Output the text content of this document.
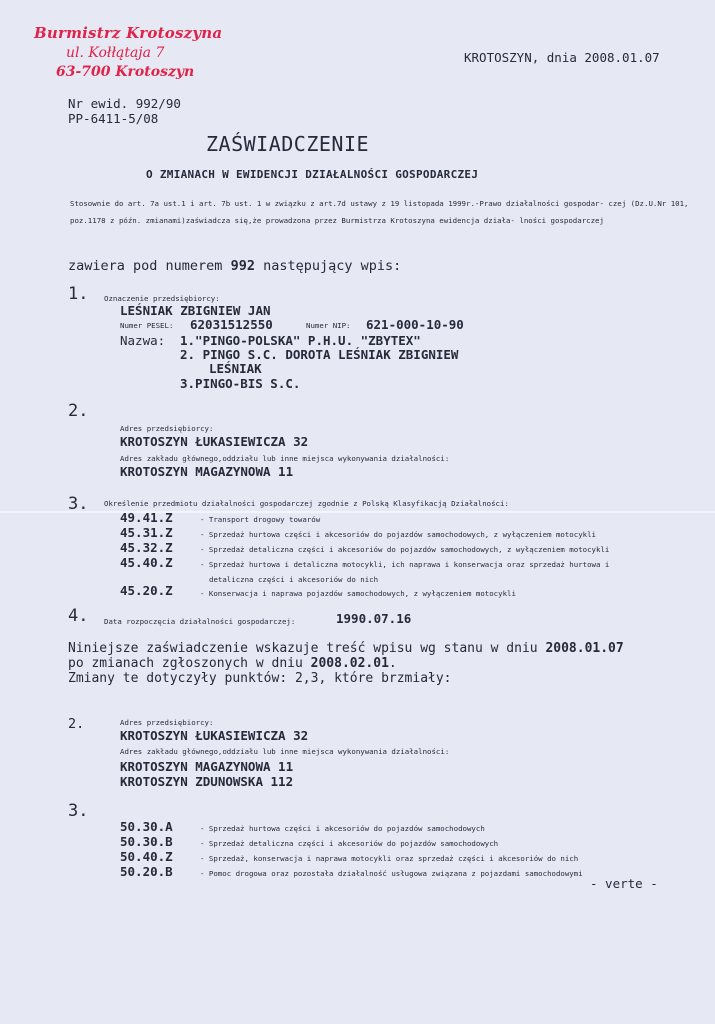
Burmistrz Krotoszyna
ul. Kołłątaja 7
63-700 Krotoszyn
KROTOSZYN, dnia 2008.01.07
Nr ewid. 992/90
PP-6411-5/08
ZAŚWIADCZENIE
O ZMIANACH W EWIDENCJI DZIAŁALNOŚCI GOSPODARCZEJ
Stosownie do art. 7a ust.1 i art. 7b ust. 1 w związku z art.7d ustawy z 19 listopada 1999r.-Prawo działalności gospodar- czej (Dz.U.Nr 101, poz.1178 z późn. zmianami)zaświadcza się,że prowadzona przez Burmistrza Krotoszyna ewidencja działa- lności gospodarczej
zawiera pod numerem 992 następujący wpis:
1. Oznaczenie przedsiębiorcy:
LEŚNIAK ZBIGNIEW JAN
Numer PESEL: 62031512550	Numer NIP: 621-000-10-90
Nazwa: 1."PINGO-POLSKA" P.H.U. "ZBYTEX"
2. PINGO S.C. DOROTA LEŚNIAK ZBIGNIEW
LEŚNIAK
3.PINGO-BIS S.C.
2.
Adres przedsiębiorcy:
KROTOSZYN ŁUKASIEWICZA 32
Adres zakładu głównego,oddziału lub inne miejsca wykonywania działalności:
KROTOSZYN MAGAZYNOWA 11
3. Określenie przedmiotu działalności gospodarczej zgodnie z Polską Klasyfikacją Działalności:
49.41.Z	- Transport drogowy towarów
45.31.Z	- Sprzedaż hurtowa części i akcesoriów do pojazdów samochodowych, z wyłączeniem motocykli
45.32.Z	- Sprzedaż detaliczna części i akcesoriów do pojazdów samochodowych, z wyłączeniem motocykli
45.40.Z	- Sprzedaż hurtowa i detaliczna motocykli, ich naprawa i konserwacja oraz sprzedaż hurtowa i
detaliczna części i akcesoriów do nich
45.20.Z	- Konserwacja i naprawa pojazdów samochodowych, z wyłączeniem motocykli
4. Data rozpoczęcia działalności gospodarczej:	1990.07.16
Niniejsze zaświadczenie wskazuje treść wpisu wg stanu w dniu 2008.01.07
po zmianach zgłoszonych w dniu 2008.02.01.
Zmiany te dotyczyły punktów: 2,3, które brzmiały:
2.	Adres przedsiębiorcy:
KROTOSZYN ŁUKASIEWICZA 32
Adres zakładu głównego,oddziału lub inne miejsca wykonywania działalności:
KROTOSZYN MAGAZYNOWA 11
KROTOSZYN ZDUNOWSKA 112
3.
50.30.A	- Sprzedaż hurtowa części i akcesoriów do pojazdów samochodowych
50.30.B	- Sprzedaż detaliczna części i akcesoriów do pojazdów samochodowych
50.40.Z	- Sprzedaż, konserwacja i naprawa motocykli oraz sprzedaż części i akcesoriów do nich
50.20.B	- Pomoc drogowa oraz pozostała działalność usługowa związana z pojazdami samochodowymi
- verte -
